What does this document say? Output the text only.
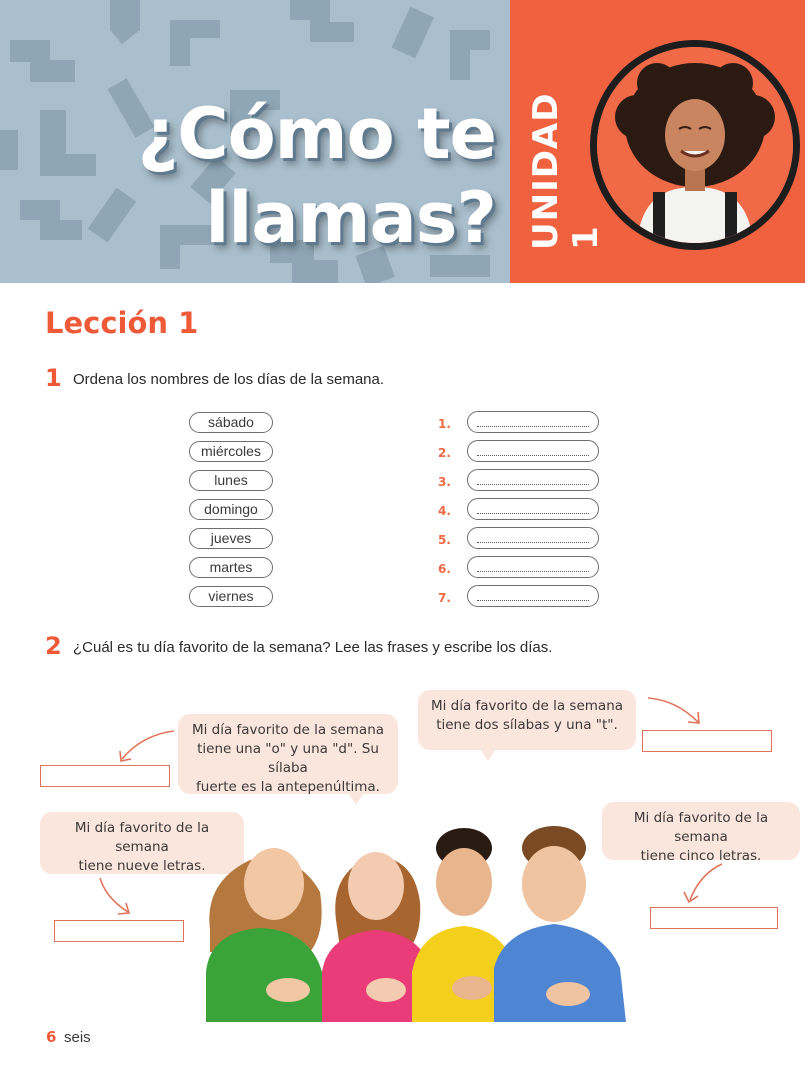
¿Cómo te
llamas? UNIDAD 1
Lección 1
1 Ordena los nombres de los días de la semana.
sábado
miércoles
lunes
domingo
jueves
martes
viernes
1.
2.
3.
4.
5.
6.
7.
2 ¿Cuál es tu día favorito de la semana? Lee las frases y escribe los días.
Mi día favorito de la semana
tiene una "o" y una "d". Su sílaba
fuerte es la antepenúltima.
Mi día favorito de la semana
tiene dos sílabas y una "t".
Mi día favorito de la semana
tiene nueve letras.
Mi día favorito de la semana
tiene cinco letras.
6 seis
